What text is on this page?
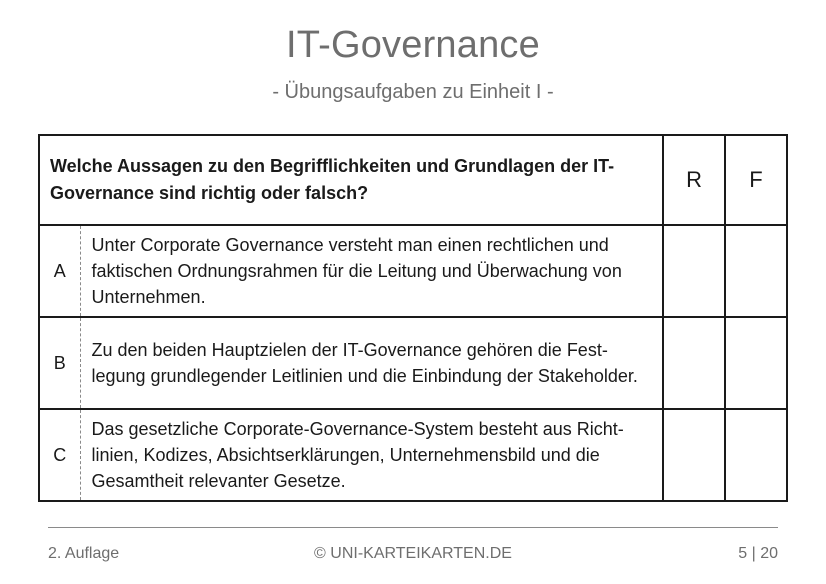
IT-Governance
- Übungsaufgaben zu Einheit I -
Welche Aussagen zu den Begrifflichkeiten und Grundlagen der IT-Governance sind richtig oder falsch?		R	F
A	Unter Corporate Governance versteht man einen rechtlichen und faktischen Ordnungsrahmen für die Leitung und Überwachung von Unternehmen.		
B	Zu den beiden Hauptzielen der IT-Governance gehören die Festlegung grundlegender Leitlinien und die Einbindung der Stakeholder.		
C	Das gesetzliche Corporate-Governance-System besteht aus Richtlinien, Kodizes, Absichtserklärungen, Unternehmensbild und die Gesamtheit relevanter Gesetze.		
2. Auflage	© UNI-KARTEIKARTEN.DE	5 | 20
